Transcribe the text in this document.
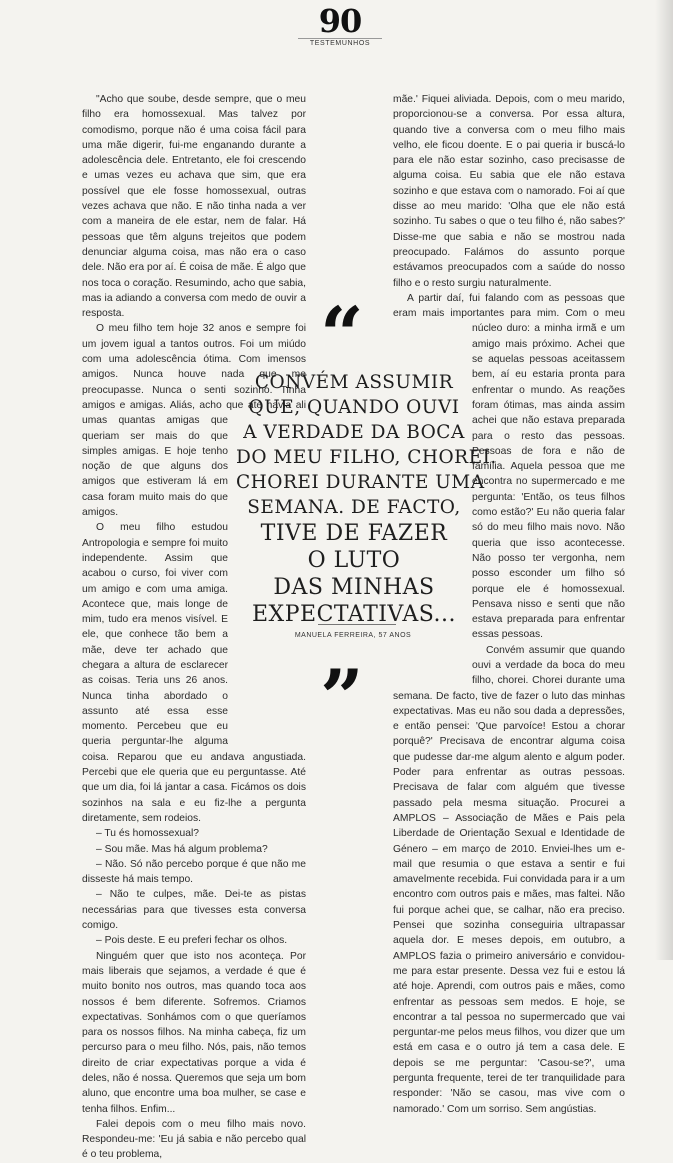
90
TESTEMUNHOS

"Acho que soube, desde sempre, que o meu filho era homossexual. Mas talvez por comodismo, porque não é uma coisa fácil para uma mãe digerir, fui-me enganando durante a adolescência dele. Entretanto, ele foi crescendo e umas vezes eu achava que sim, que era possível que ele fosse homossexual, outras vezes achava que não. E não tinha nada a ver com a maneira de ele estar, nem de falar. Há pessoas que têm alguns trejeitos que podem denunciar alguma coisa, mas não era o caso dele. Não era por aí. É coisa de mãe. É algo que nos toca o coração. Resumindo, acho que sabia, mas ia adiando a conversa com medo de ouvir a resposta.

O meu filho tem hoje 32 anos e sempre foi um jovem igual a tantos outros. Foi um miúdo com uma adolescência ótima. Com imensos amigos. Nunca houve nada que me preocupasse. Nunca o senti sozinho. Tinha amigos e amigas. Aliás, acho que até havia ali umas quantas amigas que queriam ser mais do que simples amigas. E hoje tenho noção de que alguns dos amigos que estiveram lá em casa foram muito mais do que amigos.

O meu filho estudou Antropologia e sempre foi muito independente. Assim que acabou o curso, foi viver com um amigo e com uma amiga. Acontece que, mais longe de mim, tudo era menos visível. E ele, que conhece tão bem a mãe, deve ter achado que chegara a altura de esclarecer as coisas. Teria uns 26 anos. Nunca tinha abordado o assunto até essa esse momento. Percebeu que eu queria perguntar-lhe alguma coisa. Reparou que eu andava angustiada. Percebi que ele queria que eu perguntasse. Até que um dia, foi lá jantar a casa. Ficámos os dois sozinhos na sala e eu fiz-lhe a pergunta diretamente, sem rodeios.

– Tu és homossexual?

– Sou mãe. Mas há algum problema?

– Não. Só não percebo porque é que não me disseste há mais tempo.

– Não te culpes, mãe. Dei-te as pistas necessárias para que tivesses esta conversa comigo.

– Pois deste. E eu preferi fechar os olhos.

Ninguém quer que isto nos aconteça. Por mais liberais que sejamos, a verdade é que é muito bonito nos outros, mas quando toca aos nossos é bem diferente. Sofremos. Criamos expectativas. Sonhámos com o que queríamos para os nossos filhos. Na minha cabeça, fiz um percurso para o meu filho. Nós, pais, não temos direito de criar expectativas porque a vida é deles, não é nossa. Queremos que seja um bom aluno, que encontre uma boa mulher, se case e tenha filhos. Enfim...

Falei depois com o meu filho mais novo. Respondeu-me: 'Eu já sabia e não percebo qual é o teu problema,

mãe.' Fiquei aliviada. Depois, com o meu marido, proporcionou-se a conversa. Por essa altura, quando tive a conversa com o meu filho mais velho, ele ficou doente. E o pai queria ir buscá-lo para ele não estar sozinho, caso precisasse de alguma coisa. Eu sabia que ele não estava sozinho e que estava com o namorado. Foi aí que disse ao meu marido: 'Olha que ele não está sozinho. Tu sabes o que o teu filho é, não sabes?' Disse-me que sabia e não se mostrou nada preocupado. Falámos do assunto porque estávamos preocupados com a saúde do nosso filho e o resto surgiu naturalmente.

A partir daí, fui falando com as pessoas que eram mais importantes para mim. Com o meu núcleo duro: a minha irmã e um amigo mais próximo. Achei que se aquelas pessoas aceitassem bem, aí eu estaria pronta para enfrentar o mundo. As reações foram ótimas, mas ainda assim achei que não estava preparada para o resto das pessoas. Pessoas de fora e não de família. Aquela pessoa que me encontra no supermercado e me pergunta: 'Então, os teus filhos como estão?' Eu não queria falar só do meu filho mais novo. Não queria que isso acontecesse. Não posso ter vergonha, nem posso esconder um filho só porque ele é homossexual. Pensava nisso e senti que não estava preparada para enfrentar essas pessoas.

Convém assumir que quando ouvi a verdade da boca do meu filho, chorei. Chorei durante uma semana. De facto, tive de fazer o luto das minhas expectativas. Mas eu não sou dada a depressões, e então pensei: 'Que parvoíce! Estou a chorar porquê?' Precisava de encontrar alguma coisa que pudesse dar-me algum alento e algum poder. Poder para enfrentar as outras pessoas. Precisava de falar com alguém que tivesse passado pela mesma situação. Procurei a AMPLOS – Associação de Mães e Pais pela Liberdade de Orientação Sexual e Identidade de Género – em março de 2010. Enviei-lhes um e-mail que resumia o que estava a sentir e fui amavelmente recebida. Fui convidada para ir a um encontro com outros pais e mães, mas faltei. Não fui porque achei que, se calhar, não era preciso. Pensei que sozinha conseguiria ultrapassar aquela dor. E meses depois, em outubro, a AMPLOS fazia o primeiro aniversário e convidou-me para estar presente. Dessa vez fui e estou lá até hoje. Aprendi, com outros pais e mães, como enfrentar as pessoas sem medos. E hoje, se encontrar a tal pessoa no supermercado que vai perguntar-me pelos meus filhos, vou dizer que um está em casa e o outro já tem a casa dele. E depois se me perguntar: 'Casou-se?', uma pergunta frequente, terei de ter tranquilidade para responder: 'Não se casou, mas vive com o namorado.' Com um sorriso. Sem angústias.

“
CONVÉM ASSUMIR
QUE, QUANDO OUVI
A VERDADE DA BOCA
DO MEU FILHO, CHOREI.
CHOREI DURANTE UMA
SEMANA. DE FACTO,
TIVE DE FAZER
O LUTO
DAS MINHAS
EXPECTATIVAS...
MANUELA FERREIRA, 57 ANOS
”
